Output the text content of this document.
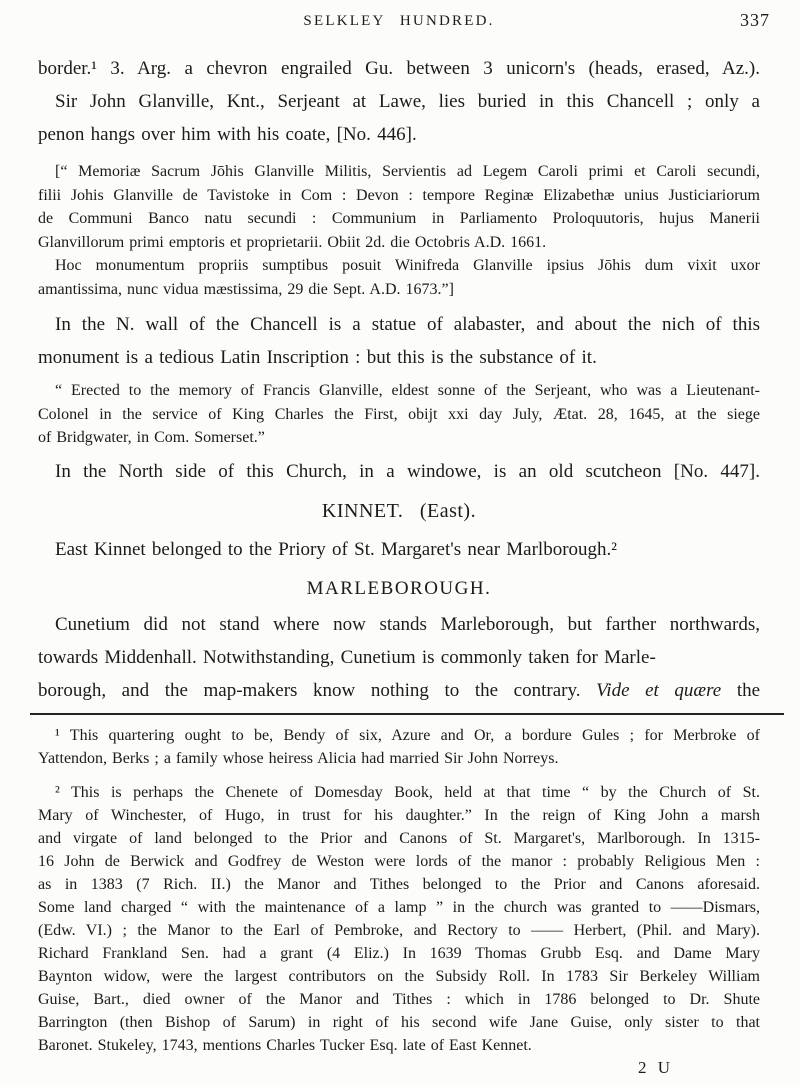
SELKLEY HUNDRED.	337
border.¹ 3. Arg. a chevron engrailed Gu. between 3 unicorn's (heads, erased, Az.).
Sir John Glanville, Knt., Serjeant at Lawe, lies buried in this Chancell ; only a
penon hangs over him with his coate, [No. 446].
[“ Memoriæ Sacrum Jōhis Glanville Militis, Servientis ad Legem Caroli primi et Caroli secundi,
filii Johis Glanville de Tavistoke in Com : Devon : tempore Reginæ Elizabethæ unius Justiciariorum
de Communi Banco natu secundi : Communium in Parliamento Proloquutoris, hujus Manerii
Glanvillorum primi emptoris et proprietarii. Obiit 2d. die Octobris A.D. 1661.
Hoc monumentum propriis sumptibus posuit Winifreda Glanville ipsius Jōhis dum vixit uxor
amantissima, nunc vidua mæstissima, 29 die Sept. A.D. 1673.”]
In the N. wall of the Chancell is a statue of alabaster, and about the nich of this
monument is a tedious Latin Inscription : but this is the substance of it.
“ Erected to the memory of Francis Glanville, eldest sonne of the Serjeant, who was a Lieutenant-
Colonel in the service of King Charles the First, obijt xxi day July, Ætat. 28, 1645, at the siege
of Bridgwater, in Com. Somerset.”
In the North side of this Church, in a windowe, is an old scutcheon [No. 447].
KINNET.   (East).
East Kinnet belonged to the Priory of St. Margaret's near Marlborough.²
MARLEBOROUGH.
Cunetium did not stand where now stands Marleborough, but farther northwards,
towards Middenhall. Notwithstanding, Cunetium is commonly taken for Marle-
borough, and the map-makers know nothing to the contrary. Vide et quære the
¹ This quartering ought to be, Bendy of six, Azure and Or, a bordure Gules ; for Merbroke of
Yattendon, Berks ; a family whose heiress Alicia had married Sir John Norreys.
² This is perhaps the Chenete of Domesday Book, held at that time “ by the Church of St.
Mary of Winchester, of Hugo, in trust for his daughter.” In the reign of King John a marsh
and virgate of land belonged to the Prior and Canons of St. Margaret's, Marlborough. In 1315-
16 John de Berwick and Godfrey de Weston were lords of the manor : probably Religious Men :
as in 1383 (7 Rich. II.) the Manor and Tithes belonged to the Prior and Canons aforesaid.
Some land charged “ with the maintenance of a lamp ” in the church was granted to ——Dismars,
(Edw. VI.) ; the Manor to the Earl of Pembroke, and Rectory to —— Herbert, (Phil. and Mary).
Richard Frankland Sen. had a grant (4 Eliz.) In 1639 Thomas Grubb Esq. and Dame Mary
Baynton widow, were the largest contributors on the Subsidy Roll. In 1783 Sir Berkeley William
Guise, Bart., died owner of the Manor and Tithes : which in 1786 belonged to Dr. Shute
Barrington (then Bishop of Sarum) in right of his second wife Jane Guise, only sister to that
Baronet. Stukeley, 1743, mentions Charles Tucker Esq. late of East Kennet.
2 U
